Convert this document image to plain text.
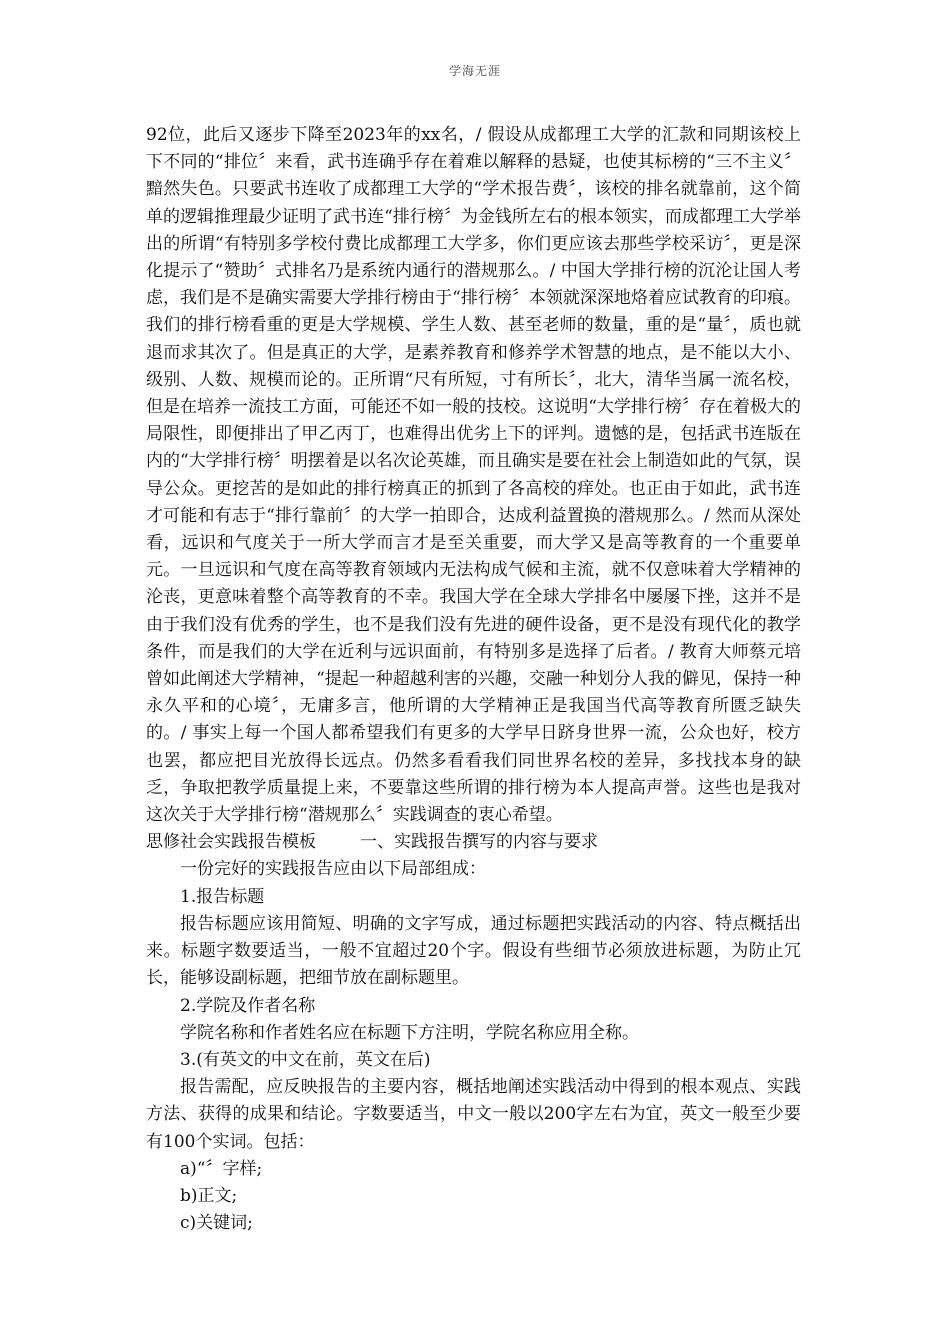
学海无涯

92位，此后又逐步下降至2023年的xx名，/ 假设从成都理工大学的汇款和同期该校上下不同的“排位〞来看，武书连确乎存在着难以解释的悬疑，也使其标榜的“三不主义〞黯然失色。只要武书连收了成都理工大学的“学术报告费〞，该校的排名就靠前，这个简单的逻辑推理最少证明了武书连“排行榜〞为金钱所左右的根本领实，而成都理工大学举出的所谓“有特别多学校付费比成都理工大学多，你们更应该去那些学校采访〞，更是深化提示了“赞助〞式排名乃是系统内通行的潜规那么。/ 中国大学排行榜的沉沦让国人考虑，我们是不是确实需要大学排行榜由于“排行榜〞本领就深深地烙着应试教育的印痕。我们的排行榜看重的更是大学规模、学生人数、甚至老师的数量，重的是“量〞，质也就退而求其次了。但是真正的大学，是素养教育和修养学术智慧的地点，是不能以大小、级别、人数、规模而论的。正所谓“尺有所短，寸有所长〞，北大，清华当属一流名校，但是在培养一流技工方面，可能还不如一般的技校。这说明“大学排行榜〞存在着极大的局限性，即便排出了甲乙丙丁，也难得出优劣上下的评判。遗憾的是，包括武书连版在内的“大学排行榜〞明摆着是以名次论英雄，而且确实是要在社会上制造如此的气氛，误导公众。更挖苦的是如此的排行榜真正的抓到了各高校的痒处。也正由于如此，武书连才可能和有志于“排行靠前〞的大学一拍即合，达成利益置换的潜规那么。/ 然而从深处看，远识和气度关于一所大学而言才是至关重要，而大学又是高等教育的一个重要单元。一旦远识和气度在高等教育领域内无法构成气候和主流，就不仅意味着大学精神的沦丧，更意味着整个高等教育的不幸。我国大学在全球大学排名中屡屡下挫，这并不是由于我们没有优秀的学生，也不是我们没有先进的硬件设备，更不是没有现代化的教学条件，而是我们的大学在近利与远识面前，有特别多是选择了后者。/ 教育大师蔡元培曾如此阐述大学精神，“提起一种超越利害的兴趣，交融一种划分人我的僻见，保持一种永久平和的心境〞，无庸多言，他所谓的大学精神正是我国当代高等教育所匮乏缺失的。/ 事实上每一个国人都希望我们有更多的大学早日跻身世界一流，公众也好，校方也罢，都应把目光放得长远点。仍然多看看我们同世界名校的差异，多找找本身的缺乏，争取把教学质量提上来，不要靠这些所谓的排行榜为本人提高声誉。这些也是我对这次关于大学排行榜“潜规那么〞实践调查的衷心希望。

思修社会实践报告模板	一、实践报告撰写的内容与要求

一份完好的实践报告应由以下局部组成：

1.报告标题

报告标题应该用简短、明确的文字写成，通过标题把实践活动的内容、特点概括出来。标题字数要适当，一般不宜超过20个字。假设有些细节必须放进标题，为防止冗长，能够设副标题，把细节放在副标题里。

2.学院及作者名称

学院名称和作者姓名应在标题下方注明，学院名称应用全称。

3.(有英文的中文在前，英文在后)

报告需配，应反映报告的主要内容，概括地阐述实践活动中得到的根本观点、实践方法、获得的成果和结论。字数要适当，中文一般以200字左右为宜，英文一般至少要有100个实词。包括：

a)“〞字样;

b)正文;

c)关键词;
